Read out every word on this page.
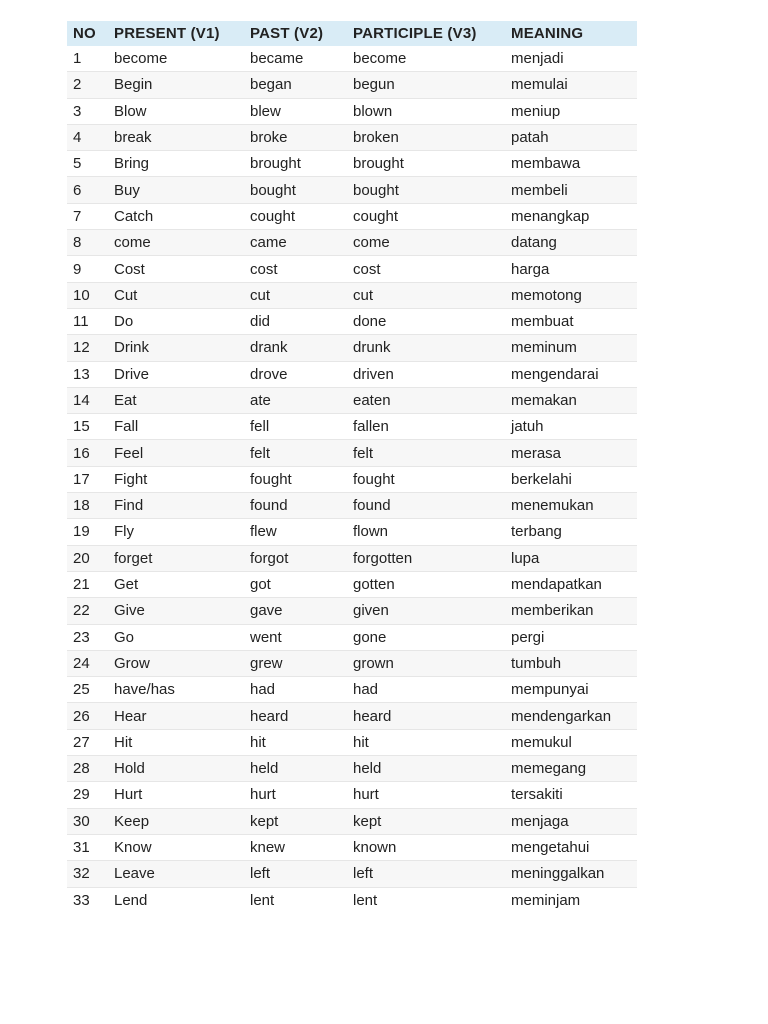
NO	PRESENT (V1)	PAST (V2)	PARTICIPLE (V3)	MEANING
1	become	became	become	menjadi
2	Begin	began	begun	memulai
3	Blow	blew	blown	meniup
4	break	broke	broken	patah
5	Bring	brought	brought	membawa
6	Buy	bought	bought	membeli
7	Catch	cought	cought	menangkap
8	come	came	come	datang
9	Cost	cost	cost	harga
10	Cut	cut	cut	memotong
11	Do	did	done	membuat
12	Drink	drank	drunk	meminum
13	Drive	drove	driven	mengendarai
14	Eat	ate	eaten	memakan
15	Fall	fell	fallen	jatuh
16	Feel	felt	felt	merasa
17	Fight	fought	fought	berkelahi
18	Find	found	found	menemukan
19	Fly	flew	flown	terbang
20	forget	forgot	forgotten	lupa
21	Get	got	gotten	mendapatkan
22	Give	gave	given	memberikan
23	Go	went	gone	pergi
24	Grow	grew	grown	tumbuh
25	have/has	had	had	mempunyai
26	Hear	heard	heard	mendengarkan
27	Hit	hit	hit	memukul
28	Hold	held	held	memegang
29	Hurt	hurt	hurt	tersakiti
30	Keep	kept	kept	menjaga
31	Know	knew	known	mengetahui
32	Leave	left	left	meninggalkan
33	Lend	lent	lent	meminjam
